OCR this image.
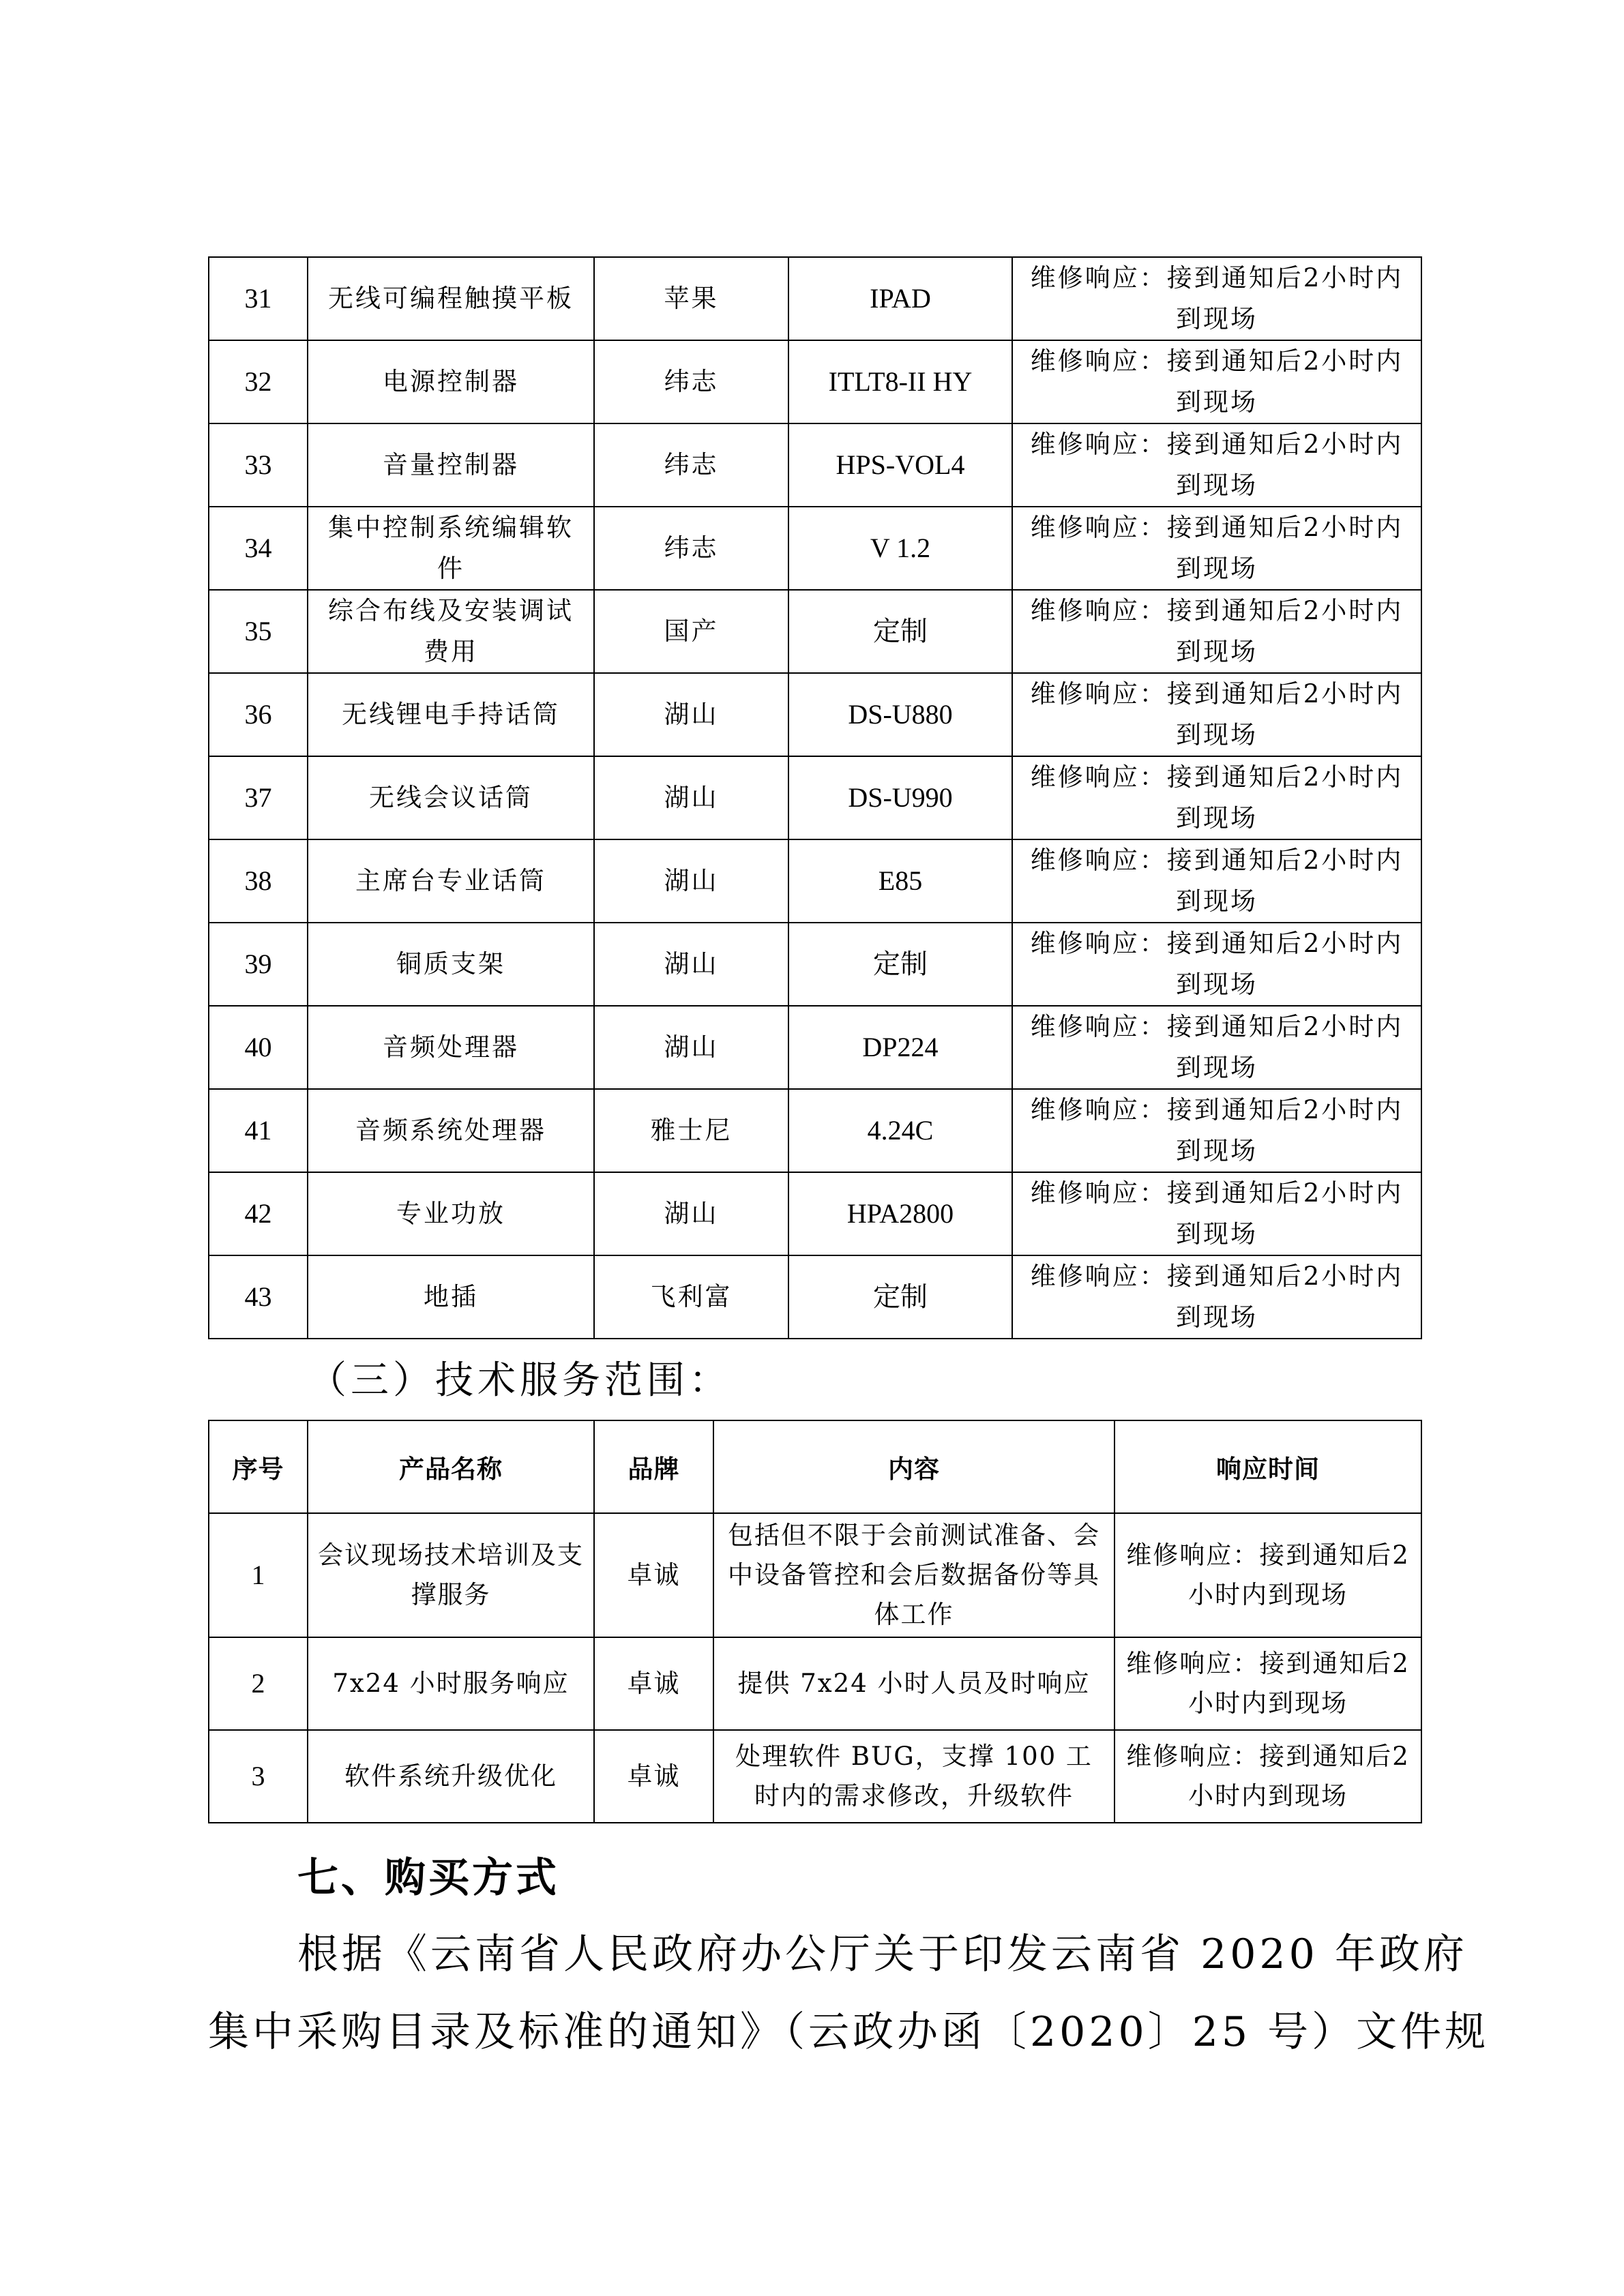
31	无线可编程触摸平板	苹果	IPAD	维修响应：接到通知后2小时内到现场

32	电源控制器	纬志	ITLT8-II HY	维修响应：接到通知后2小时内到现场

33	音量控制器	纬志	HPS-VOL4	维修响应：接到通知后2小时内到现场

34	集中控制系统编辑软件	纬志	V 1.2	维修响应：接到通知后2小时内到现场

35	综合布线及安装调试费用	国产	定制	维修响应：接到通知后2小时内到现场

36	无线锂电手持话筒	湖山	DS-U880	维修响应：接到通知后2小时内到现场

37	无线会议话筒	湖山	DS-U990	维修响应：接到通知后2小时内到现场

38	主席台专业话筒	湖山	E85	维修响应：接到通知后2小时内到现场

39	铜质支架	湖山	定制	维修响应：接到通知后2小时内到现场

40	音频处理器	湖山	DP224	维修响应：接到通知后2小时内到现场

41	音频系统处理器	雅士尼	4.24C	维修响应：接到通知后2小时内到现场

42	专业功放	湖山	HPA2800	维修响应：接到通知后2小时内到现场

43	地插	飞利富	定制	维修响应：接到通知后2小时内到现场
（三）技术服务范围：
序号	产品名称	品牌	内容	响应时间

1	会议现场技术培训及支撑服务	卓诚	包括但不限于会前测试准备、会中设备管控和会后数据备份等具体工作	维修响应：接到通知后2小时内到现场

2	7x24 小时服务响应	卓诚	提供 7x24 小时人员及时响应	维修响应：接到通知后2小时内到现场

3	软件系统升级优化	卓诚	处理软件 BUG，支撑 100 工时内的需求修改，升级软件	维修响应：接到通知后2小时内到现场
七、购买方式
根据《云南省人民政府办公厅关于印发云南省 2020 年政府
集中采购目录及标准的通知》（云政办函〔2020〕25 号）文件规
